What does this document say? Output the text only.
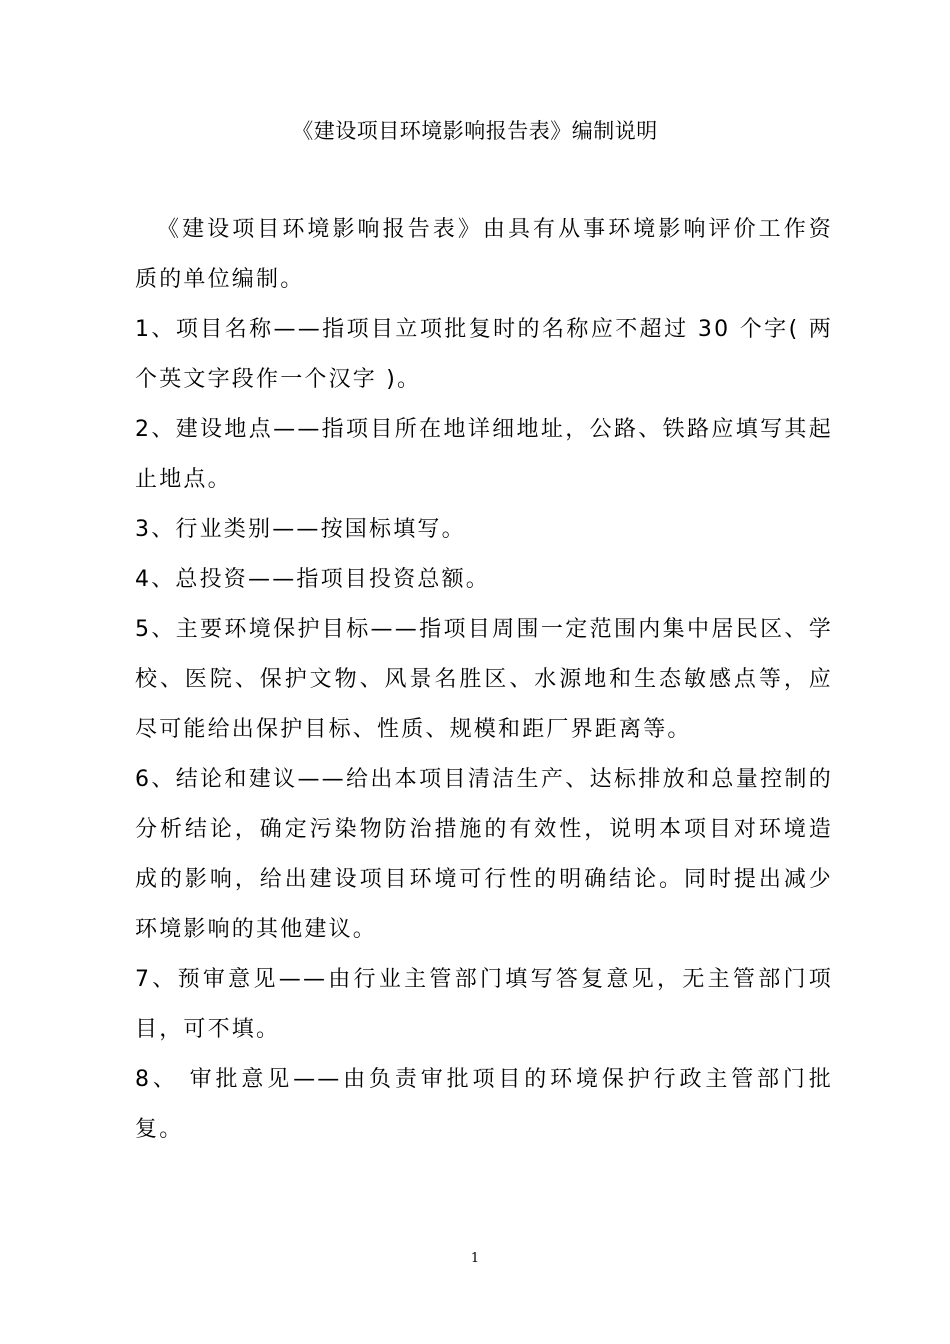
《建设项目环境影响报告表》编制说明

《建设项目环境影响报告表》由具有从事环境影响评价工作资质的单位编制。

1、项目名称——指项目立项批复时的名称应不超过 30 个字( 两个英文字段作一个汉字 )。

2、建设地点——指项目所在地详细地址，公路、铁路应填写其起止地点。

3、行业类别——按国标填写。

4、总投资——指项目投资总额。

5、主要环境保护目标——指项目周围一定范围内集中居民区、学校、医院、保护文物、风景名胜区、水源地和生态敏感点等，应尽可能给出保护目标、性质、规模和距厂界距离等。

6、结论和建议——给出本项目清洁生产、达标排放和总量控制的分析结论，确定污染物防治措施的有效性，说明本项目对环境造成的影响，给出建设项目环境可行性的明确结论。同时提出减少环境影响的其他建议。

7、预审意见——由行业主管部门填写答复意见，无主管部门项目，可不填。

8、 审批意见——由负责审批项目的环境保护行政主管部门批复。

1
